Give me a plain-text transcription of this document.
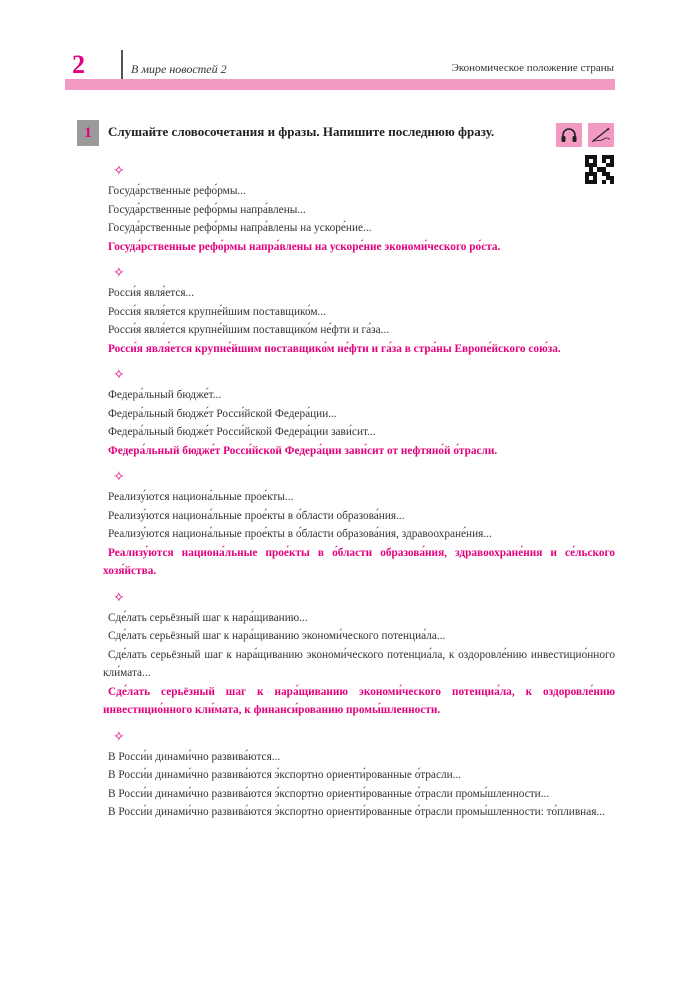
2	В мире новостей 2	Экономическое положение страны
1	Слушайте словосочетания и фразы. Напишите последнюю фразу.
✧

Госуда́рственные рефо́рмы...

Госуда́рственные рефо́рмы напра́влены...

Госуда́рственные рефо́рмы напра́влены на ускоре́ние...

Госуда́рственные рефо́рмы напра́влены на ускоре́ние экономи́ческого ро́ста.

✧

Росси́я явля́ется...

Росси́я явля́ется крупне́йшим поставщико́м...

Росси́я явля́ется крупне́йшим поставщико́м не́фти и га́за...

Росси́я явля́ется крупне́йшим поставщико́м не́фти и га́за в стра́ны Европе́йского сою́за.

✧

Федера́льный бюдже́т...

Федера́льный бюдже́т Росси́йской Федера́ции...

Федера́льный бюдже́т Росси́йской Федера́ции зави́сит...

Федера́льный бюдже́т Росси́йской Федера́ции зави́сит от нефтяно́й о́трасли.

✧

Реализу́ются национа́льные прое́кты...

Реализу́ются национа́льные прое́кты в о́бласти образова́ния...

Реализу́ются национа́льные прое́кты в о́бласти образова́ния, здравоохране́ния...

Реализу́ются национа́льные прое́кты в о́бласти образова́ния, здравоохране́ния и се́льского хозя́йства.

✧

Сде́лать серьёзный шаг к нара́щиванию...

Сде́лать серьёзный шаг к нара́щиванию экономи́ческого потенциа́ла...

Сде́лать серьёзный шаг к нара́щиванию экономи́ческого потенциа́ла, к оздоровле́нию инвестицио́нного кли́мата...

Сде́лать серьёзный шаг к нара́щиванию экономи́ческого потенциа́ла, к оздоровле́нию инвестицио́нного кли́мата, к финанси́рованию промы́шленности.

✧

В Росси́и динами́чно развива́ются...

В Росси́и динами́чно развива́ются э́кспортно ориенти́рованные о́трасли...

В Росси́и динами́чно развива́ются э́кспортно ориенти́рованные о́трасли промы́шленности...

В Росси́и динами́чно развива́ются э́кспортно ориенти́рованные о́трасли промы́шленности: то́пливная...
